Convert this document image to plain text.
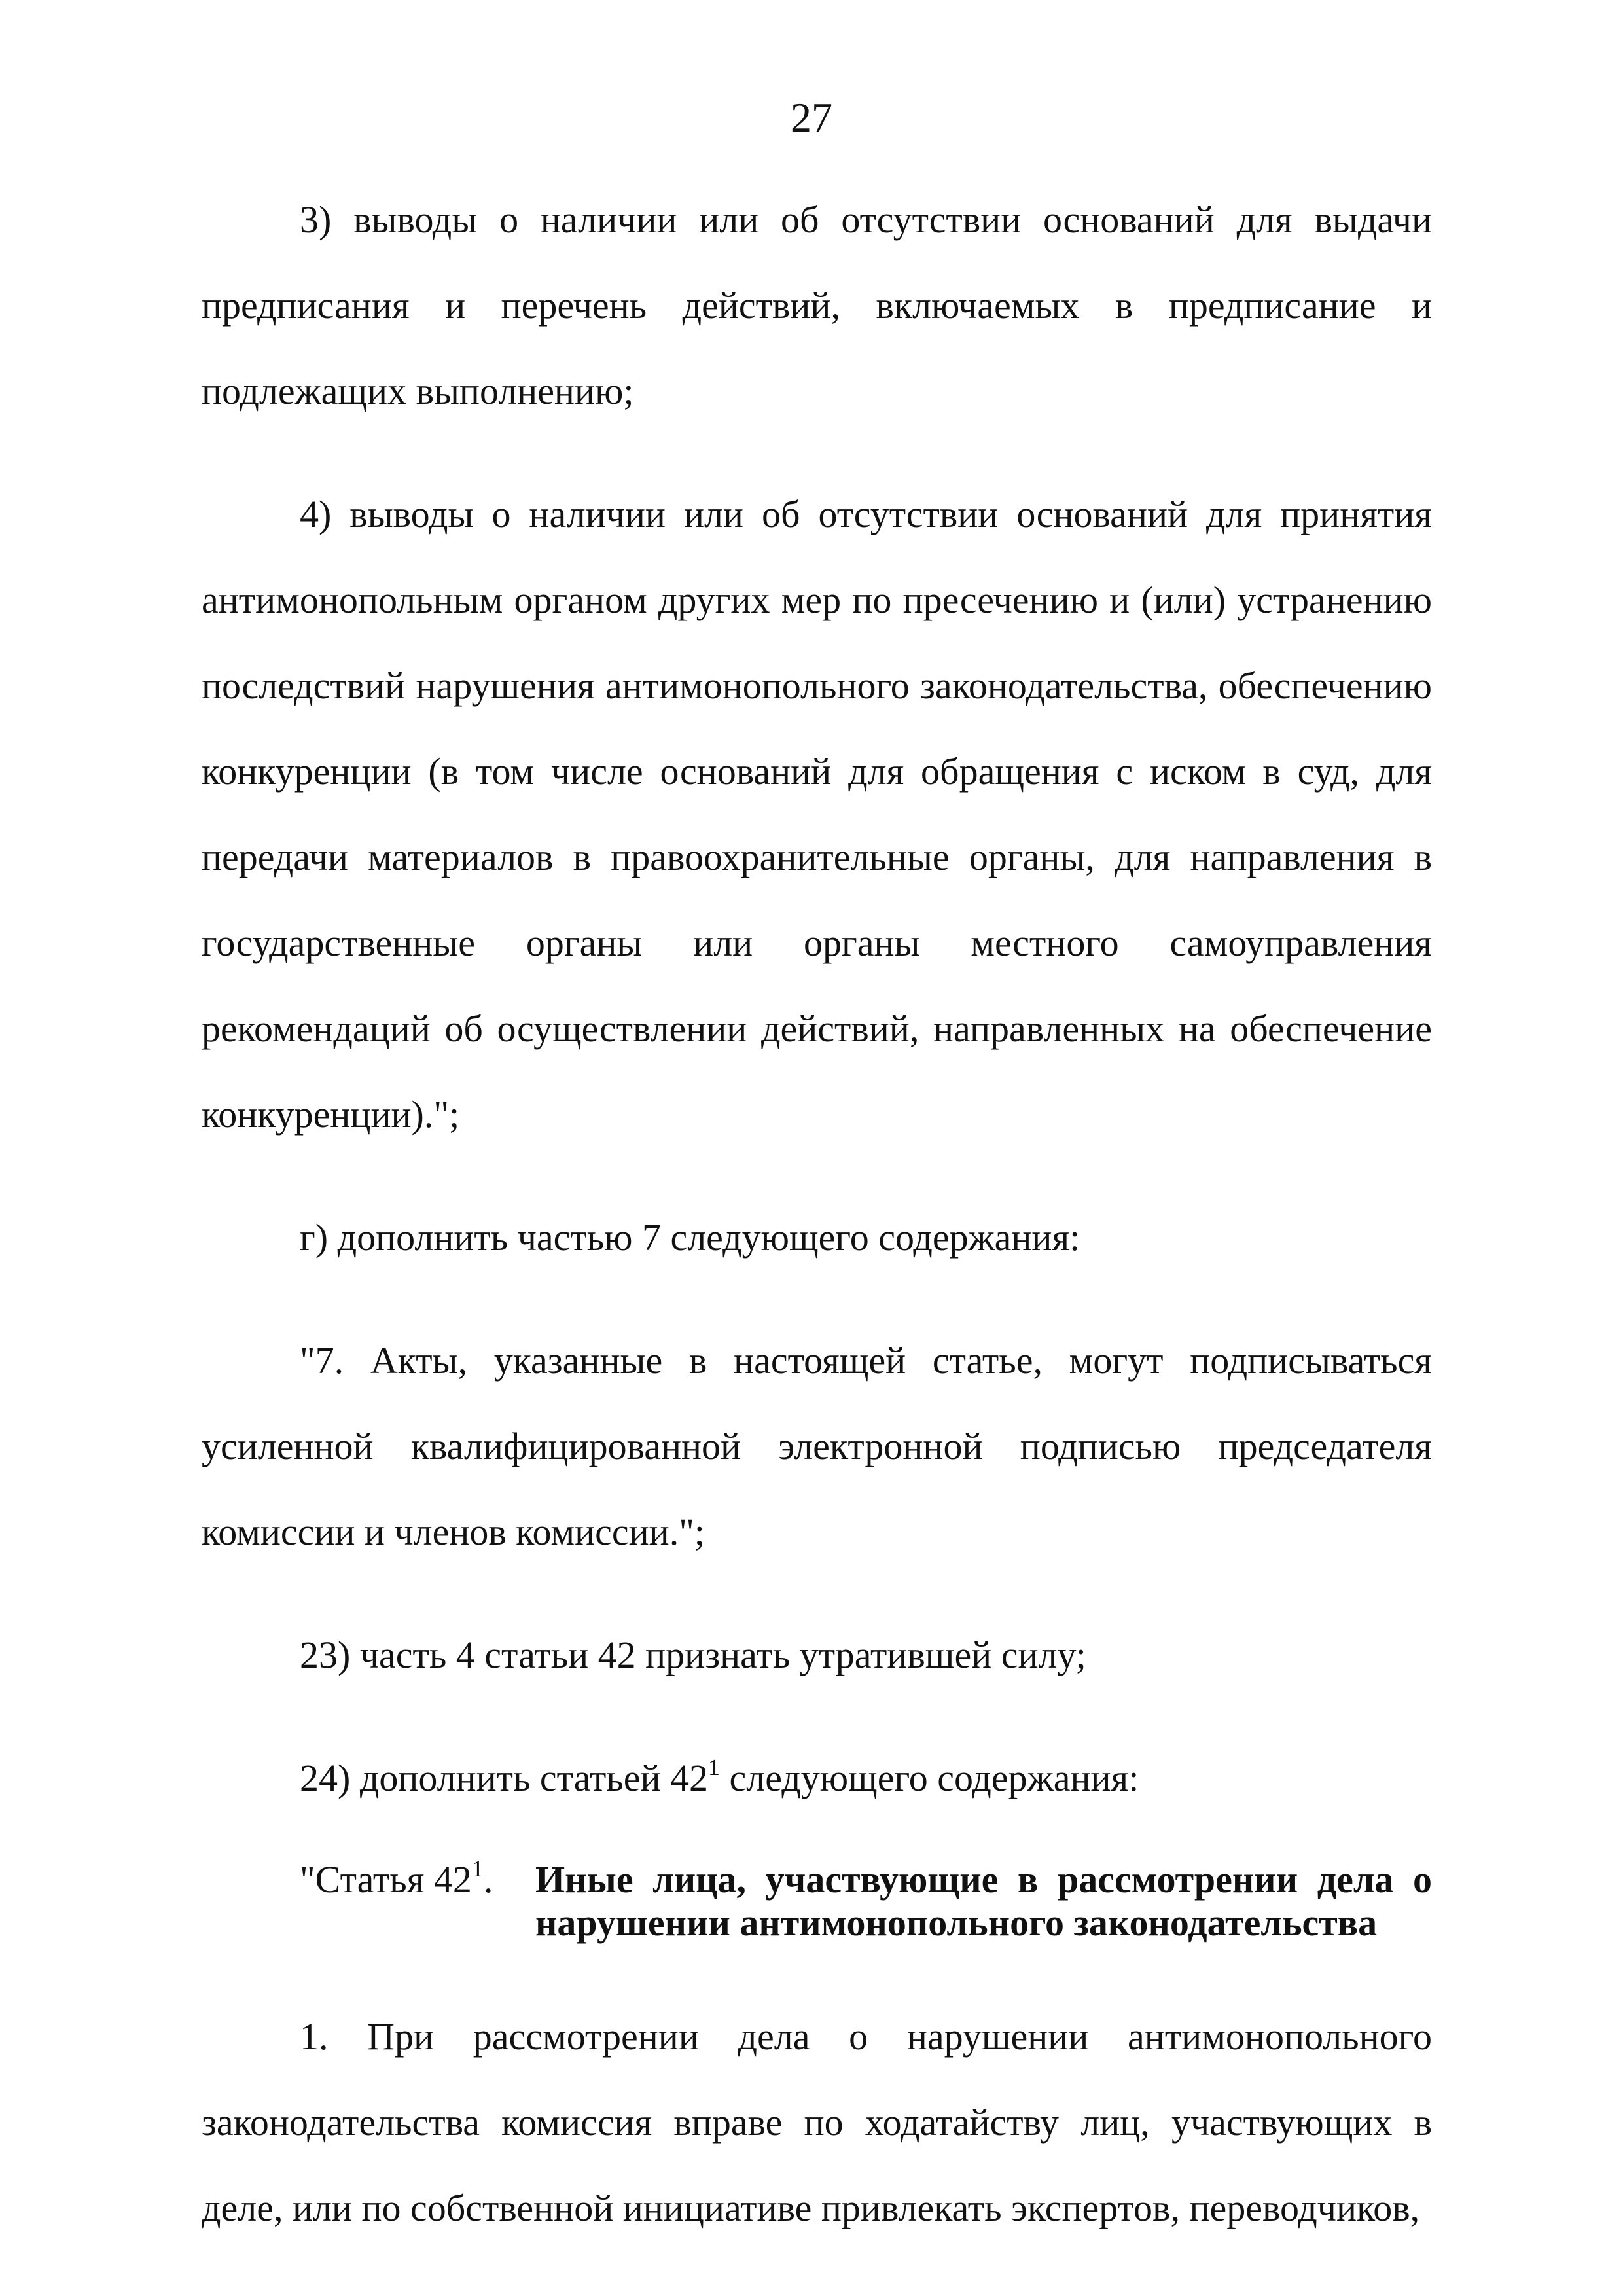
27

3) выводы о наличии или об отсутствии оснований для выдачи предписания и перечень действий, включаемых в предписание и подлежащих выполнению;

4) выводы о наличии или об отсутствии оснований для принятия антимонопольным органом других мер по пресечению и (или) устранению последствий нарушения антимонопольного законодательства, обеспечению конкуренции (в том числе оснований для обращения с иском в суд, для передачи материалов в правоохранительные органы, для направления в государственные органы или органы местного самоуправления рекомендаций об осуществлении действий, направленных на обеспечение конкуренции).";

г) дополнить частью 7 следующего содержания:

"7. Акты, указанные в настоящей статье, могут подписываться усиленной квалифицированной электронной подписью председателя комиссии и членов комиссии.";

23) часть 4 статьи 42 признать утратившей силу;

24) дополнить статьей $42^1$ следующего содержания:

"Статья $42^1$.	Иные лица, участвующие в рассмотрении дела о нарушении антимонопольного законодательства

1. При рассмотрении дела о нарушении антимонопольного законодательства комиссия вправе по ходатайству лиц, участвующих в деле, или по собственной инициативе привлекать экспертов, переводчиков,
